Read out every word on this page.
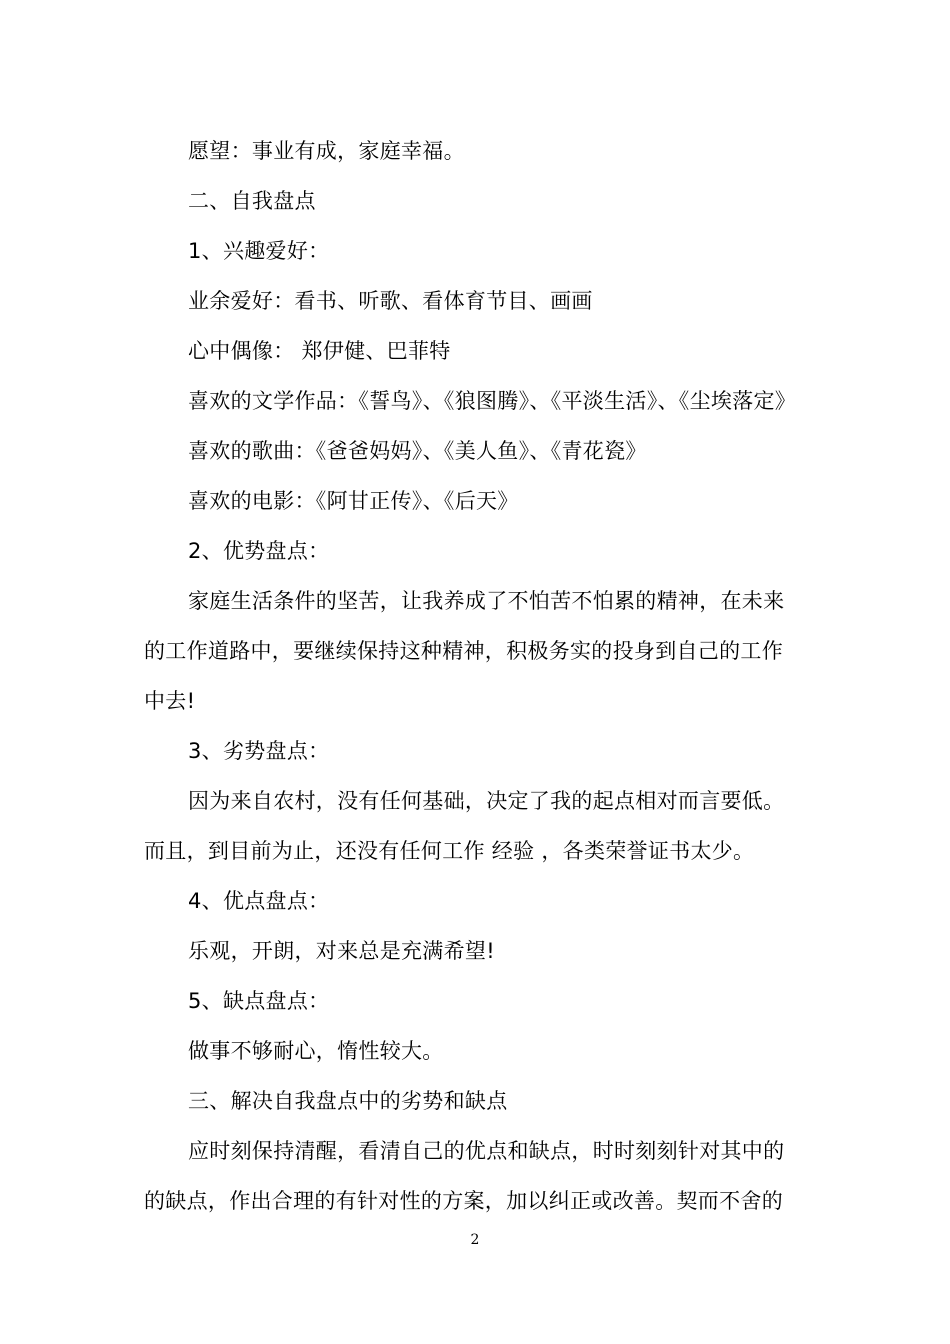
愿望：事业有成，家庭幸福。
二、自我盘点
1、兴趣爱好：
业余爱好：看书、听歌、看体育节目、画画
心中偶像： 郑伊健、巴菲特
喜欢的文学作品：《誓鸟》、《狼图腾》、《平淡生活》、《尘埃落定》
喜欢的歌曲：《爸爸妈妈》、《美人鱼》、《青花瓷》
喜欢的电影：《阿甘正传》、《后天》
2、优势盘点：
家庭生活条件的坚苦，让我养成了不怕苦不怕累的精神，在未来
的工作道路中，要继续保持这种精神，积极务实的投身到自己的工作
中去!
3、劣势盘点：
因为来自农村，没有任何基础，决定了我的起点相对而言要低。
而且，到目前为止，还没有任何工作 经验 ，各类荣誉证书太少。
4、优点盘点：
乐观，开朗，对来总是充满希望!
5、缺点盘点：
做事不够耐心，惰性较大。
三、解决自我盘点中的劣势和缺点
应时刻保持清醒，看清自己的优点和缺点，时时刻刻针对其中的
的缺点，作出合理的有针对性的方案，加以纠正或改善。契而不舍的
2
